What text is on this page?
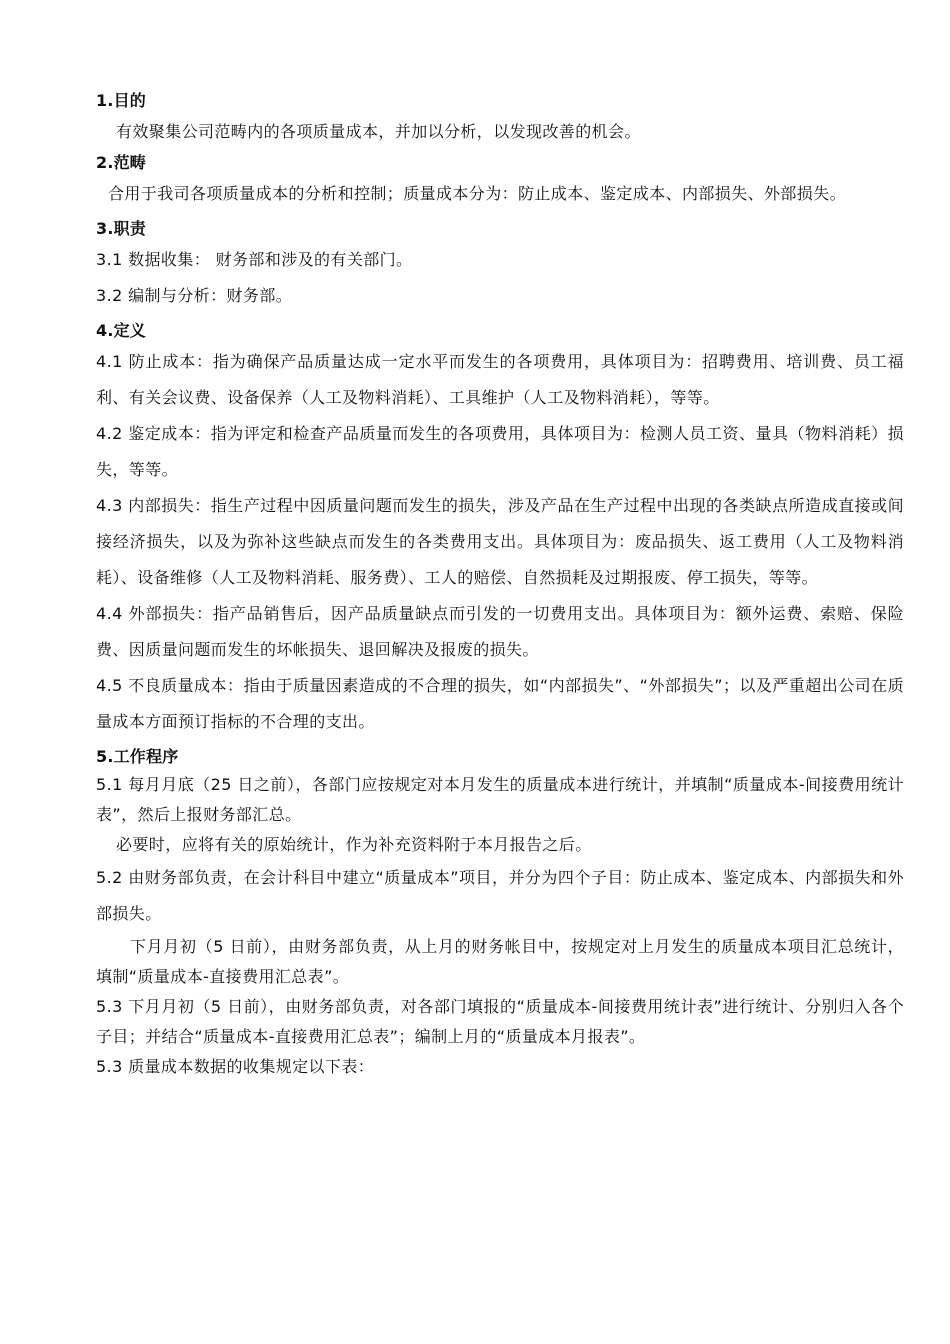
1.目的

有效聚集公司范畴内的各项质量成本，并加以分析，以发现改善的机会。

2.范畴

合用于我司各项质量成本的分析和控制；质量成本分为：防止成本、鉴定成本、内部损失、外部损失。

3.职责

3.1 数据收集： 财务部和涉及的有关部门。

3.2 编制与分析：财务部。

4.定义

4.1 防止成本：指为确保产品质量达成一定水平而发生的各项费用，具体项目为：招聘费用、培训费、员工福利、有关会议费、设备保养（人工及物料消耗）、工具维护（人工及物料消耗），等等。

4.2 鉴定成本：指为评定和检查产品质量而发生的各项费用，具体项目为：检测人员工资、量具（物料消耗）损失，等等。

4.3 内部损失：指生产过程中因质量问题而发生的损失，涉及产品在生产过程中出现的各类缺点所造成直接或间接经济损失，以及为弥补这些缺点而发生的各类费用支出。具体项目为：废品损失、返工费用（人工及物料消耗）、设备维修（人工及物料消耗、服务费）、工人的赔偿、自然损耗及过期报废、停工损失，等等。

4.4 外部损失：指产品销售后，因产品质量缺点而引发的一切费用支出。具体项目为：额外运费、索赔、保险费、因质量问题而发生的坏帐损失、退回解决及报废的损失。

4.5 不良质量成本：指由于质量因素造成的不合理的损失，如“内部损失”、“外部损失”；以及严重超出公司在质量成本方面预订指标的不合理的支出。

5.工作程序

5.1 每月月底（25 日之前），各部门应按规定对本月发生的质量成本进行统计，并填制“质量成本-间接费用统计表”，然后上报财务部汇总。

必要时，应将有关的原始统计，作为补充资料附于本月报告之后。

5.2 由财务部负责，在会计科目中建立“质量成本”项目，并分为四个子目：防止成本、鉴定成本、内部损失和外部损失。

下月月初（5 日前），由财务部负责，从上月的财务帐目中，按规定对上月发生的质量成本项目汇总统计，填制“质量成本-直接费用汇总表”。

5.3 下月月初（5 日前），由财务部负责，对各部门填报的“质量成本-间接费用统计表”进行统计、分别归入各个子目；并结合“质量成本-直接费用汇总表”；编制上月的“质量成本月报表”。

5.3 质量成本数据的收集规定以下表：
